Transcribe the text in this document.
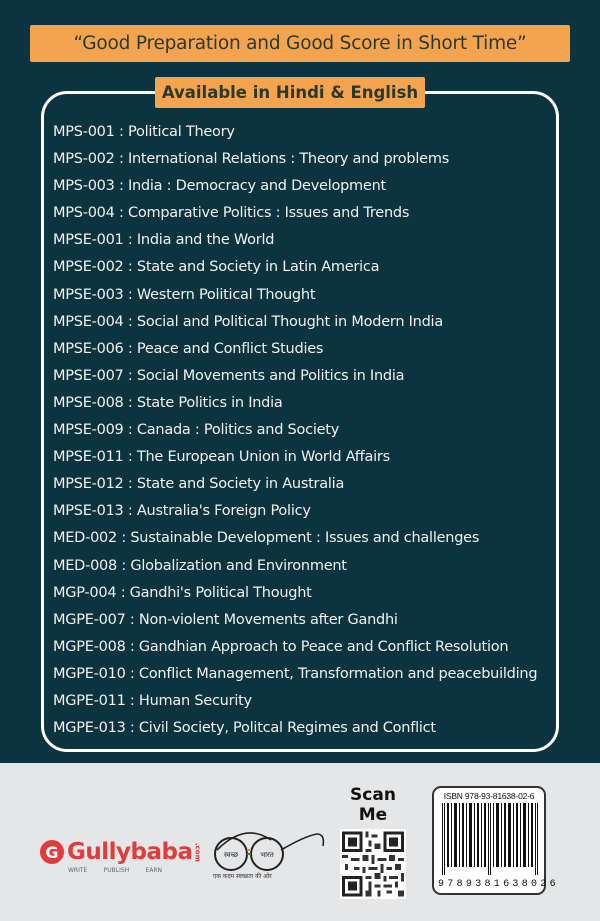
“Good Preparation and Good Score in Short Time”
Available in Hindi & English
MPS-001 : Political Theory
MPS-002 : International Relations : Theory and problems
MPS-003 : India : Democracy and Development
MPS-004 : Comparative Politics : Issues and Trends
MPSE-001 : India and the World
MPSE-002 : State and Society in Latin America
MPSE-003 : Western Political Thought
MPSE-004 : Social and Political Thought in Modern India
MPSE-006 : Peace and Conflict Studies
MPSE-007 : Social Movements and Politics in India
MPSE-008 : State Politics in India
MPSE-009 : Canada : Politics and Society
MPSE-011 : The European Union in World Affairs
MPSE-012 : State and Society in Australia
MPSE-013 : Australia's Foreign Policy
MED-002 : Sustainable Development : Issues and challenges
MED-008 : Globalization and Environment
MGP-004 : Gandhi's Political Thought
MGPE-007 : Non-violent Movements after Gandhi
MGPE-008 : Gandhian Approach to Peace and Conflict Resolution
MGPE-010 : Conflict Management, Transformation and peacebuilding
MGPE-011 : Human Security
MGPE-013 : Civil Society, Politcal Regimes and Conflict
G Gullybaba .com
WRITE	PUBLISH	EARN
स्वच्छ	भारत
एक कदम स्वच्छता की ओर
Scan Me
ISBN 978-93-81638-02-6
9789381638026
